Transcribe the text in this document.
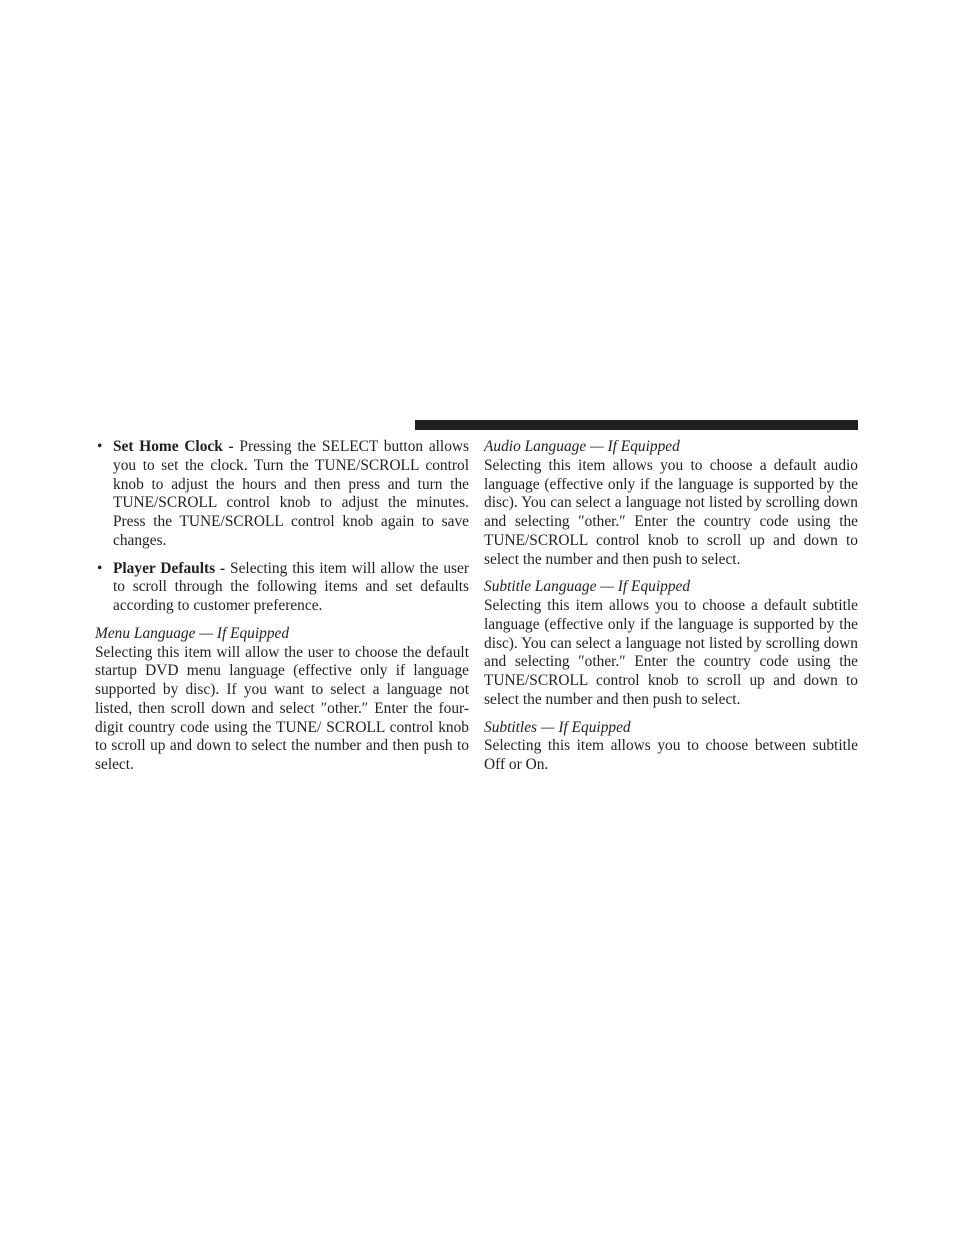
• Set Home Clock - Pressing the SELECT button allows you to set the clock. Turn the TUNE/SCROLL control knob to adjust the hours and then press and turn the TUNE/SCROLL control knob to adjust the minutes. Press the TUNE/SCROLL control knob again to save changes.
• Player Defaults - Selecting this item will allow the user to scroll through the following items and set defaults according to customer preference.

Menu Language — If Equipped

Selecting this item will allow the user to choose the default startup DVD menu language (effective only if language supported by disc). If you want to select a language not listed, then scroll down and select ″other.″ Enter the four-digit country code using the TUNE/ SCROLL control knob to scroll up and down to select the number and then push to select.

Audio Language — If Equipped

Selecting this item allows you to choose a default audio language (effective only if the language is supported by the disc). You can select a language not listed by scrolling down and selecting ″other.″ Enter the country code using the TUNE/SCROLL control knob to scroll up and down to select the number and then push to select.

Subtitle Language — If Equipped

Selecting this item allows you to choose a default subtitle language (effective only if the language is supported by the disc). You can select a language not listed by scrolling down and selecting ″other.″ Enter the country code using the TUNE/SCROLL control knob to scroll up and down to select the number and then push to select.

Subtitles — If Equipped

Selecting this item allows you to choose between subtitle Off or On.
